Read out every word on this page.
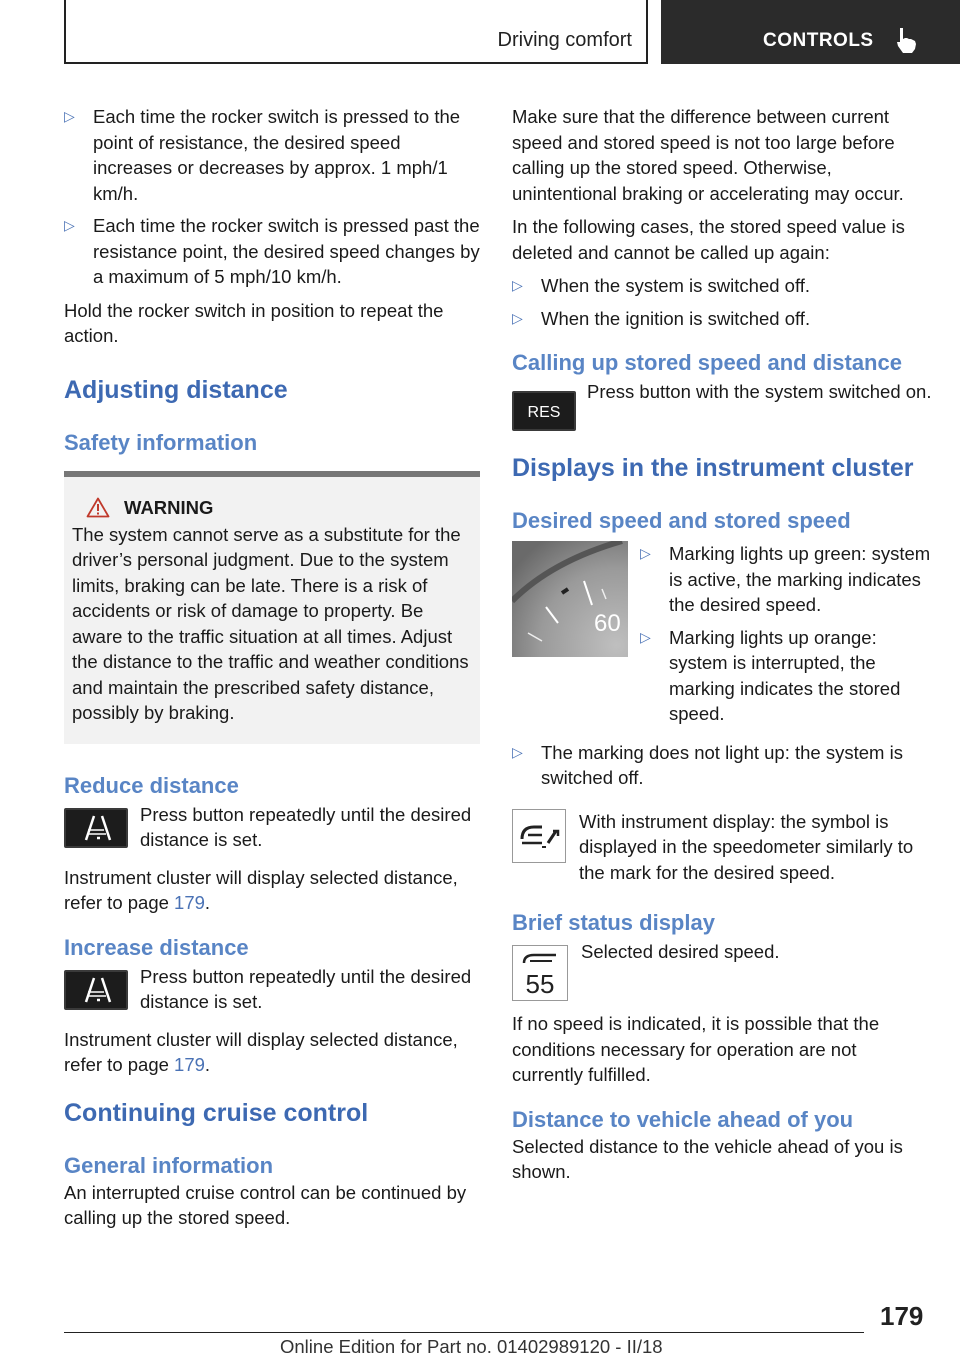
Driving comfort	CONTROLS
▷ Each time the rocker switch is pressed to the point of resistance, the desired speed increases or decreases by approx. 1 mph/1 km/h.
▷ Each time the rocker switch is pressed past the resistance point, the desired speed changes by a maximum of 5 mph/10 km/h.

Hold the rocker switch in position to repeat the action.

Adjusting distance
Safety information
WARNING
The system cannot serve as a substitute for the driver’s personal judgment. Due to the system limits, braking can be late. There is a risk of accidents or risk of damage to property. Be aware to the traffic situation at all times. Adjust the distance to the traffic and weather conditions and maintain the prescribed safety distance, possibly by braking.
Reduce distance
Press button repeatedly until the desired distance is set.

Instrument cluster will display selected distance, refer to page 179.

Increase distance
Press button repeatedly until the desired distance is set.

Instrument cluster will display selected distance, refer to page 179.

Continuing cruise control
General information

An interrupted cruise control can be continued by calling up the stored speed.

Make sure that the difference between current speed and stored speed is not too large before calling up the stored speed. Otherwise, unintentional braking or accelerating may occur.

In the following cases, the stored speed value is deleted and cannot be called up again:

▷ When the system is switched off.
▷ When the ignition is switched off.
Calling up stored speed and distance
RES
Press button with the system switched on.
Displays in the instrument cluster
Desired speed and stored speed
60
▷ Marking lights up green: system is active, the marking indicates the desired speed.
▷ Marking lights up orange: system is interrupted, the marking indicates the stored speed.
▷ The marking does not light up: the system is switched off.
With instrument display: the symbol is displayed in the speedometer similarly to the mark for the desired speed.
Brief status display
55
Selected desired speed.

If no speed is indicated, it is possible that the conditions necessary for operation are not currently fulfilled.

Distance to vehicle ahead of you

Selected distance to the vehicle ahead of you is shown.

179
Online Edition for Part no. 01402989120 - II/18
